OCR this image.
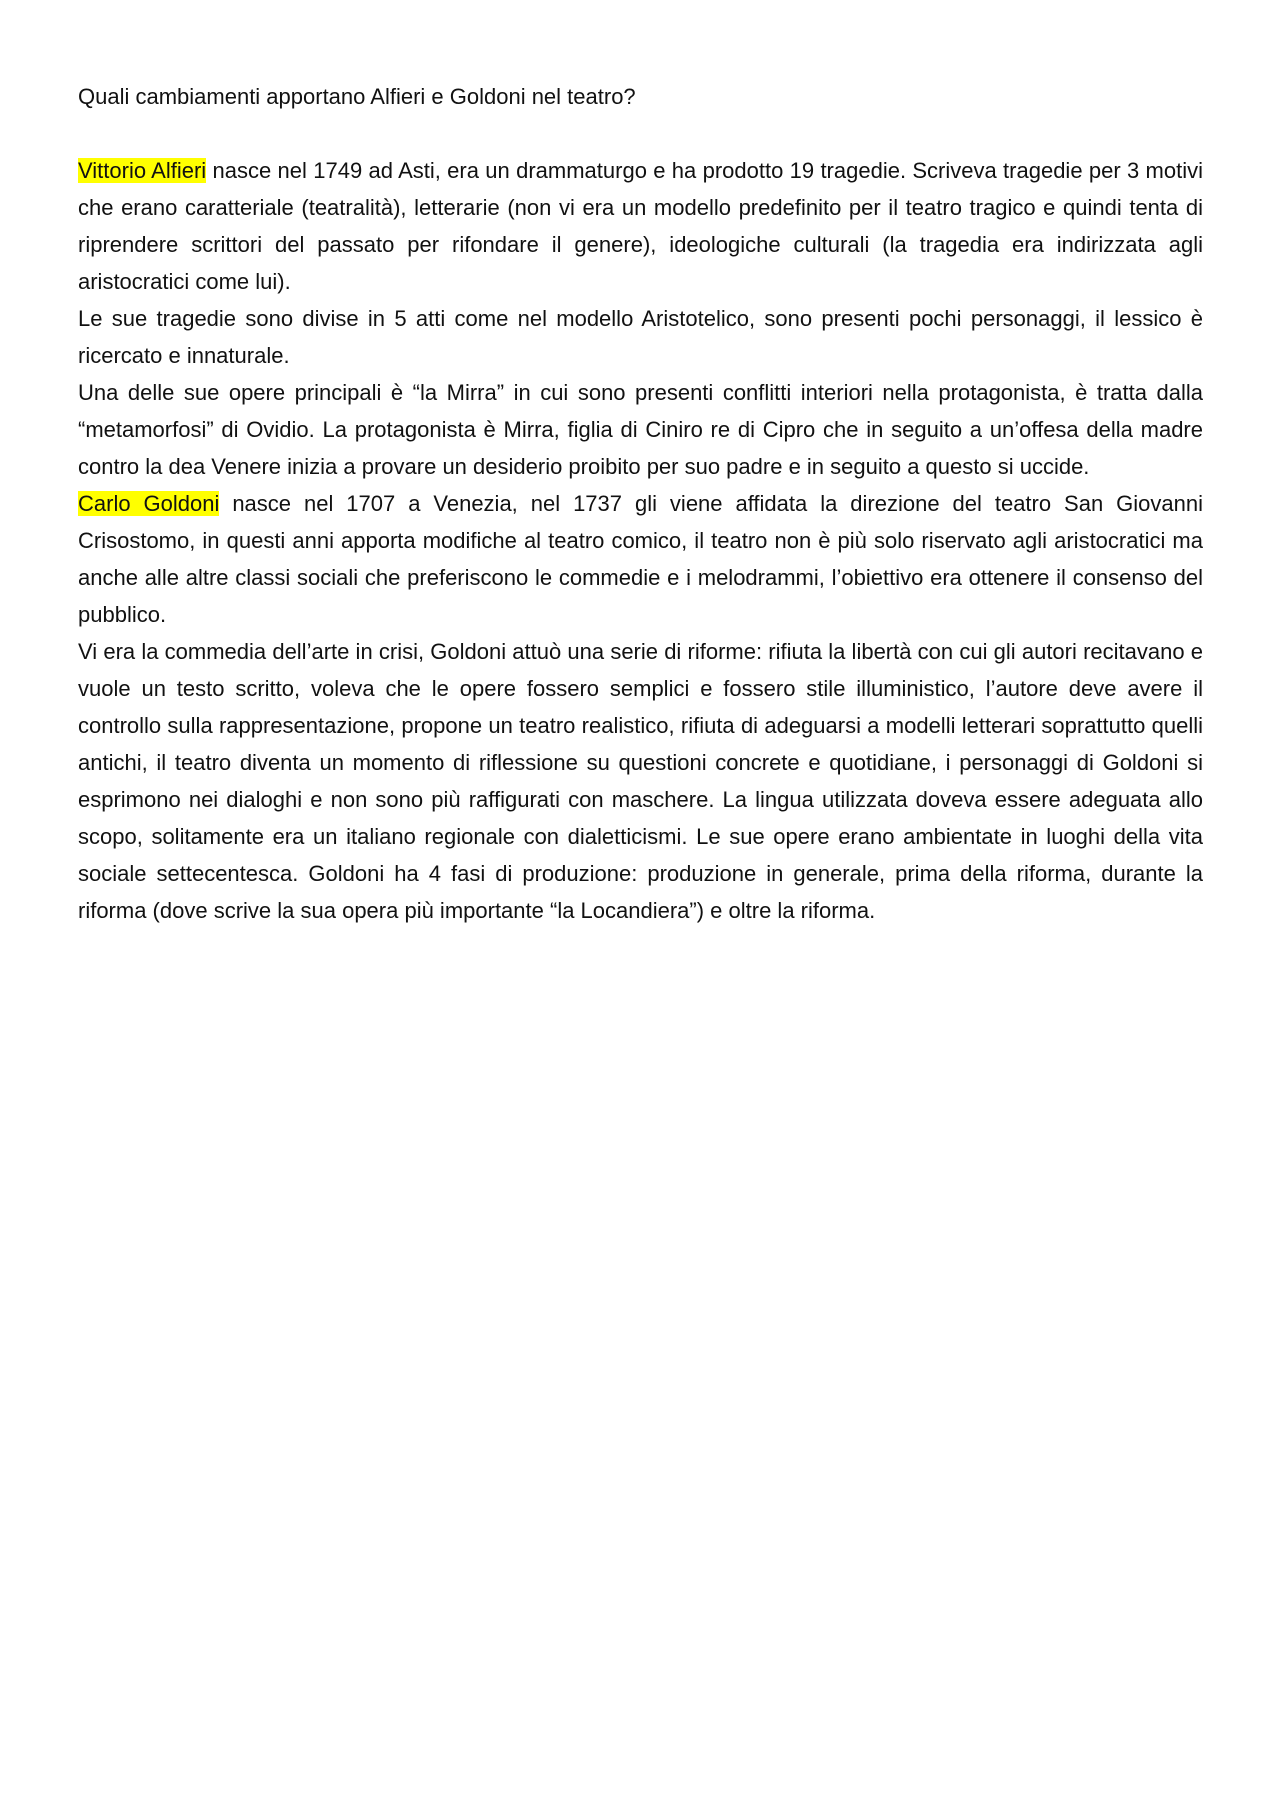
Quali cambiamenti apportano Alfieri e Goldoni nel teatro?

Vittorio Alfieri nasce nel 1749 ad Asti, era un drammaturgo e ha prodotto 19 tragedie. Scriveva tragedie per 3 motivi che erano caratteriale (teatralità), letterarie (non vi era un modello predefinito per il teatro tragico e quindi tenta di riprendere scrittori del passato per rifondare il genere), ideologiche culturali (la tragedia era indirizzata agli aristocratici come lui).

Le sue tragedie sono divise in 5 atti come nel modello Aristotelico, sono presenti pochi personaggi, il lessico è ricercato e innaturale.

Una delle sue opere principali è “la Mirra” in cui sono presenti conflitti interiori nella protagonista, è tratta dalla “metamorfosi” di Ovidio. La protagonista è Mirra, figlia di Ciniro re di Cipro che in seguito a un’offesa della madre contro la dea Venere inizia a provare un desiderio proibito per suo padre e in seguito a questo si uccide.

Carlo Goldoni nasce nel 1707 a Venezia, nel 1737 gli viene affidata la direzione del teatro San Giovanni Crisostomo, in questi anni apporta modifiche al teatro comico, il teatro non è più solo riservato agli aristocratici ma anche alle altre classi sociali che preferiscono le commedie e i melodrammi, l’obiettivo era ottenere il consenso del pubblico.

Vi era la commedia dell’arte in crisi, Goldoni attuò una serie di riforme: rifiuta la libertà con cui gli autori recitavano e vuole un testo scritto, voleva che le opere fossero semplici e fossero stile illuministico, l’autore deve avere il controllo sulla rappresentazione, propone un teatro realistico, rifiuta di adeguarsi a modelli letterari soprattutto quelli antichi, il teatro diventa un momento di riflessione su questioni concrete e quotidiane, i personaggi di Goldoni si esprimono nei dialoghi e non sono più raffigurati con maschere. La lingua utilizzata doveva essere adeguata allo scopo, solitamente era un italiano regionale con dialetticismi. Le sue opere erano ambientate in luoghi della vita sociale settecentesca. Goldoni ha 4 fasi di produzione: produzione in generale, prima della riforma, durante la riforma (dove scrive la sua opera più importante “la Locandiera”) e oltre la riforma.
